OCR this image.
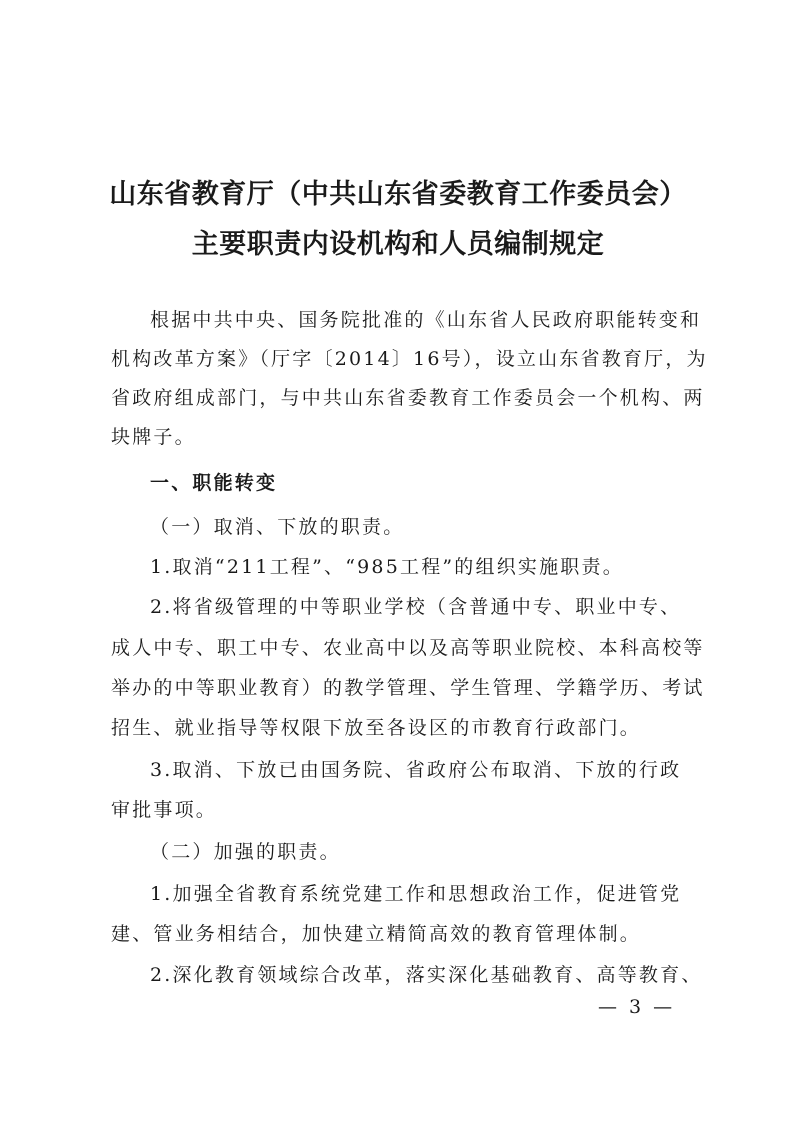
山东省教育厅（中共山东省委教育工作委员会）
主要职责内设机构和人员编制规定
根据中共中央、国务院批准的《山东省人民政府职能转变和
机构改革方案》（厅字〔2014〕16号），设立山东省教育厅，为
省政府组成部门，与中共山东省委教育工作委员会一个机构、两
块牌子。
一、职能转变
（一）取消、下放的职责。
1.取消“211工程”、“985工程”的组织实施职责。
2.将省级管理的中等职业学校（含普通中专、职业中专、
成人中专、职工中专、农业高中以及高等职业院校、本科高校等
举办的中等职业教育）的教学管理、学生管理、学籍学历、考试
招生、就业指导等权限下放至各设区的市教育行政部门。
3.取消、下放已由国务院、省政府公布取消、下放的行政
审批事项。
（二）加强的职责。
1.加强全省教育系统党建工作和思想政治工作，促进管党
建、管业务相结合，加快建立精简高效的教育管理体制。
2.深化教育领域综合改革，落实深化基础教育、高等教育、
— 3 —
